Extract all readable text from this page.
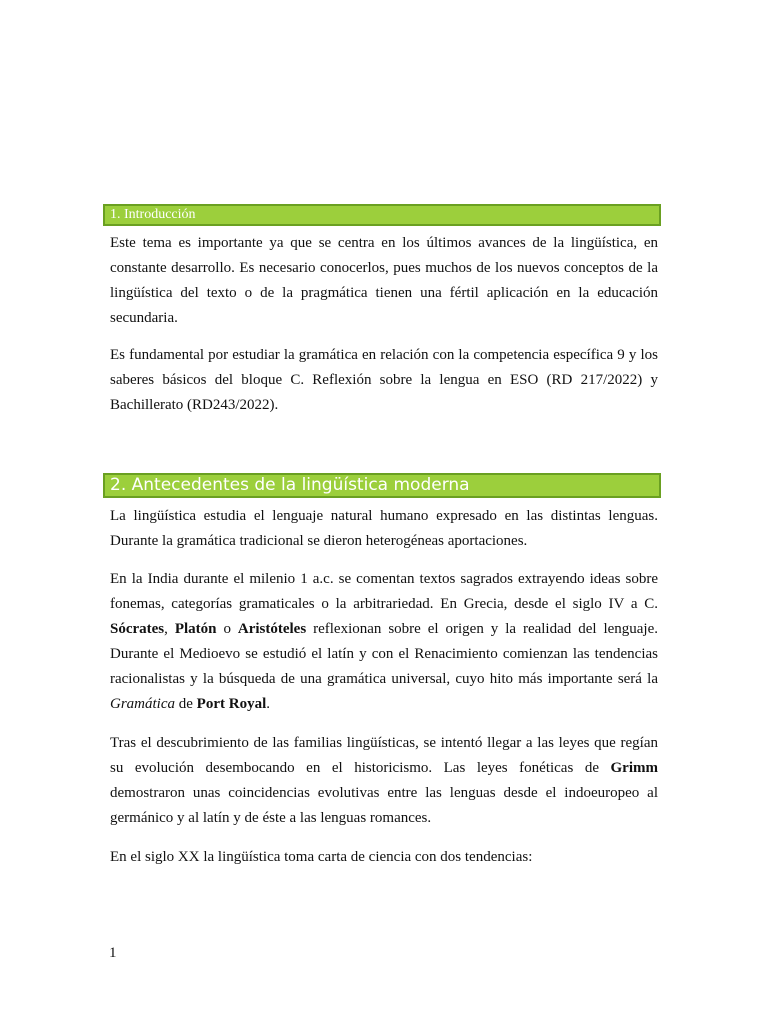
1. Introducción

Este tema es importante ya que se centra en los últimos avances de la lingüística, en constante desarrollo. Es necesario conocerlos, pues muchos de los nuevos conceptos de la lingüística del texto o de la pragmática tienen una fértil aplicación en la educación secundaria.

Es fundamental por estudiar la gramática en relación con la competencia específica 9 y los saberes básicos del bloque C. Reflexión sobre la lengua en ESO (RD 217/2022) y Bachillerato (RD243/2022).

2. Antecedentes de la lingüística moderna

La lingüística estudia el lenguaje natural humano expresado en las distintas lenguas. Durante la gramática tradicional se dieron heterogéneas aportaciones.

En la India durante el milenio 1 a.c. se comentan textos sagrados extrayendo ideas sobre fonemas, categorías gramaticales o la arbitrariedad. En Grecia, desde el siglo IV a C. Sócrates, Platón o Aristóteles reflexionan sobre el origen y la realidad del lenguaje. Durante el Medioevo se estudió el latín y con el Renacimiento comienzan las tendencias racionalistas y la búsqueda de una gramática universal, cuyo hito más importante será la Gramática de Port Royal.

Tras el descubrimiento de las familias lingüísticas, se intentó llegar a las leyes que regían su evolución desembocando en el historicismo. Las leyes fonéticas de Grimm demostraron unas coincidencias evolutivas entre las lenguas desde el indoeuropeo al germánico y al latín y de éste a las lenguas romances.

En el siglo XX la lingüística toma carta de ciencia con dos tendencias:

1
